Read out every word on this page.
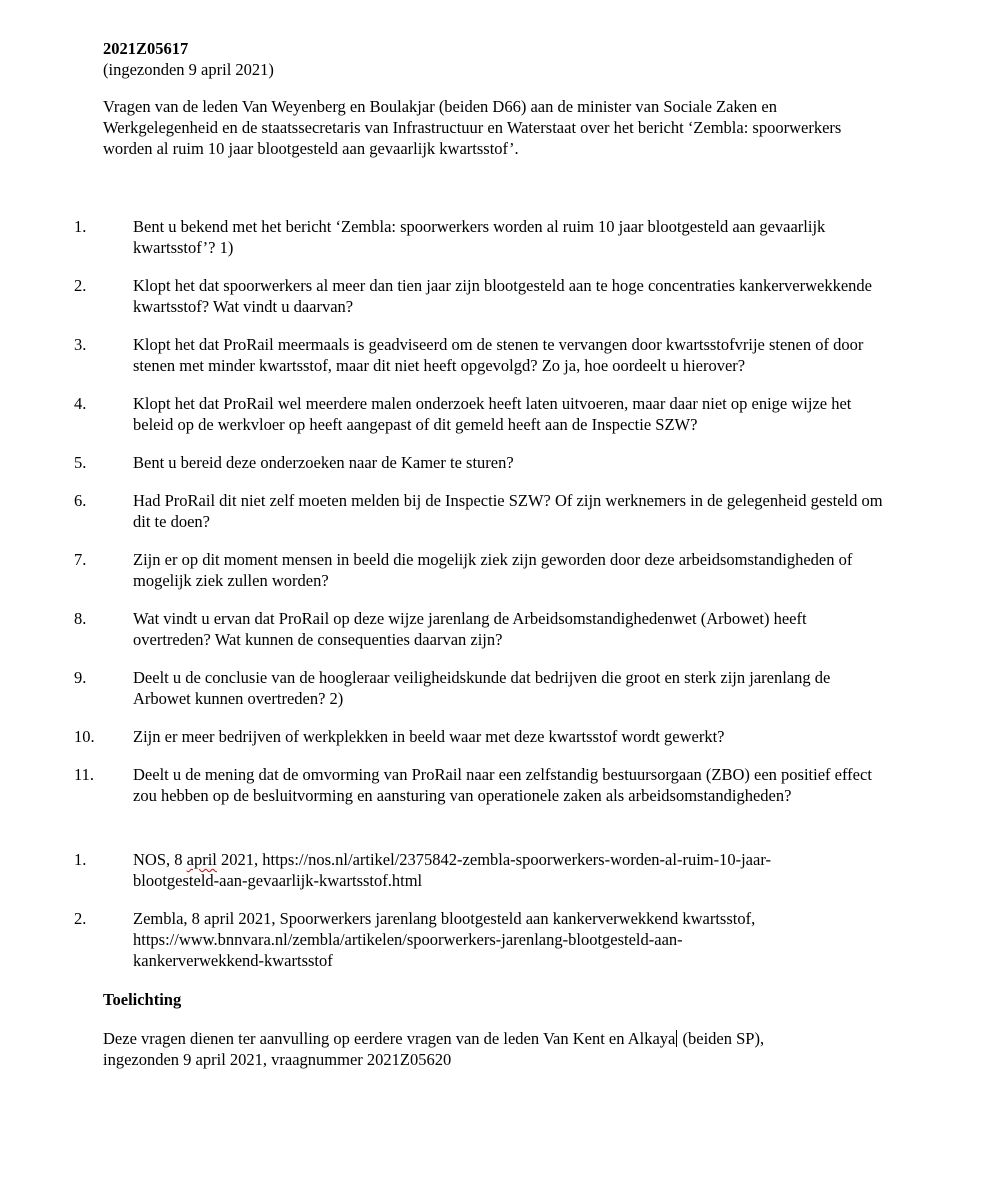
2021Z05617
(ingezonden 9 april 2021)
Vragen van de leden Van Weyenberg en Boulakjar (beiden D66) aan de minister van Sociale Zaken en Werkgelegenheid en de staatssecretaris van Infrastructuur en Waterstaat over het bericht ‘Zembla: spoorwerkers worden al ruim 10 jaar blootgesteld aan gevaarlijk kwartsstof’.
1.	Bent u bekend met het bericht ‘Zembla: spoorwerkers worden al ruim 10 jaar blootgesteld aan gevaarlijk kwartsstof’? 1)
2.	Klopt het dat spoorwerkers al meer dan tien jaar zijn blootgesteld aan te hoge concentraties kankerverwekkende kwartsstof? Wat vindt u daarvan?
3.	Klopt het dat ProRail meermaals is geadviseerd om de stenen te vervangen door kwartsstofvrije stenen of door stenen met minder kwartsstof, maar dit niet heeft opgevolgd? Zo ja, hoe oordeelt u hierover?
4.	Klopt het dat ProRail wel meerdere malen onderzoek heeft laten uitvoeren, maar daar niet op enige wijze het beleid op de werkvloer op heeft aangepast of dit gemeld heeft aan de Inspectie SZW?
5.	Bent u bereid deze onderzoeken naar de Kamer te sturen?
6.	Had ProRail dit niet zelf moeten melden bij de Inspectie SZW? Of zijn werknemers in de gelegenheid gesteld om dit te doen?
7.	Zijn er op dit moment mensen in beeld die mogelijk ziek zijn geworden door deze arbeidsomstandigheden of mogelijk ziek zullen worden?
8.	Wat vindt u ervan dat ProRail op deze wijze jarenlang de Arbeidsomstandighedenwet (Arbowet) heeft overtreden? Wat kunnen de consequenties daarvan zijn?
9.	Deelt u de conclusie van de hoogleraar veiligheidskunde dat bedrijven die groot en sterk zijn jarenlang de Arbowet kunnen overtreden? 2)
10.	Zijn er meer bedrijven of werkplekken in beeld waar met deze kwartsstof wordt gewerkt?
11.	Deelt u de mening dat de omvorming van ProRail naar een zelfstandig bestuursorgaan (ZBO) een positief effect zou hebben op de besluitvorming en aansturing van operationele zaken als arbeidsomstandigheden?
1.	NOS, 8 april 2021, https://nos.nl/artikel/2375842-zembla-spoorwerkers-worden-al-ruim-10-jaar-blootgesteld-aan-gevaarlijk-kwartsstof.html
2.	Zembla, 8 april 2021, Spoorwerkers jarenlang blootgesteld aan kankerverwekkend kwartsstof, https://www.bnnvara.nl/zembla/artikelen/spoorwerkers-jarenlang-blootgesteld-aan-kankerverwekkend-kwartsstof
Toelichting
Deze vragen dienen ter aanvulling op eerdere vragen van de leden Van Kent en Alkaya (beiden SP), ingezonden 9 april 2021, vraagnummer 2021Z05620
